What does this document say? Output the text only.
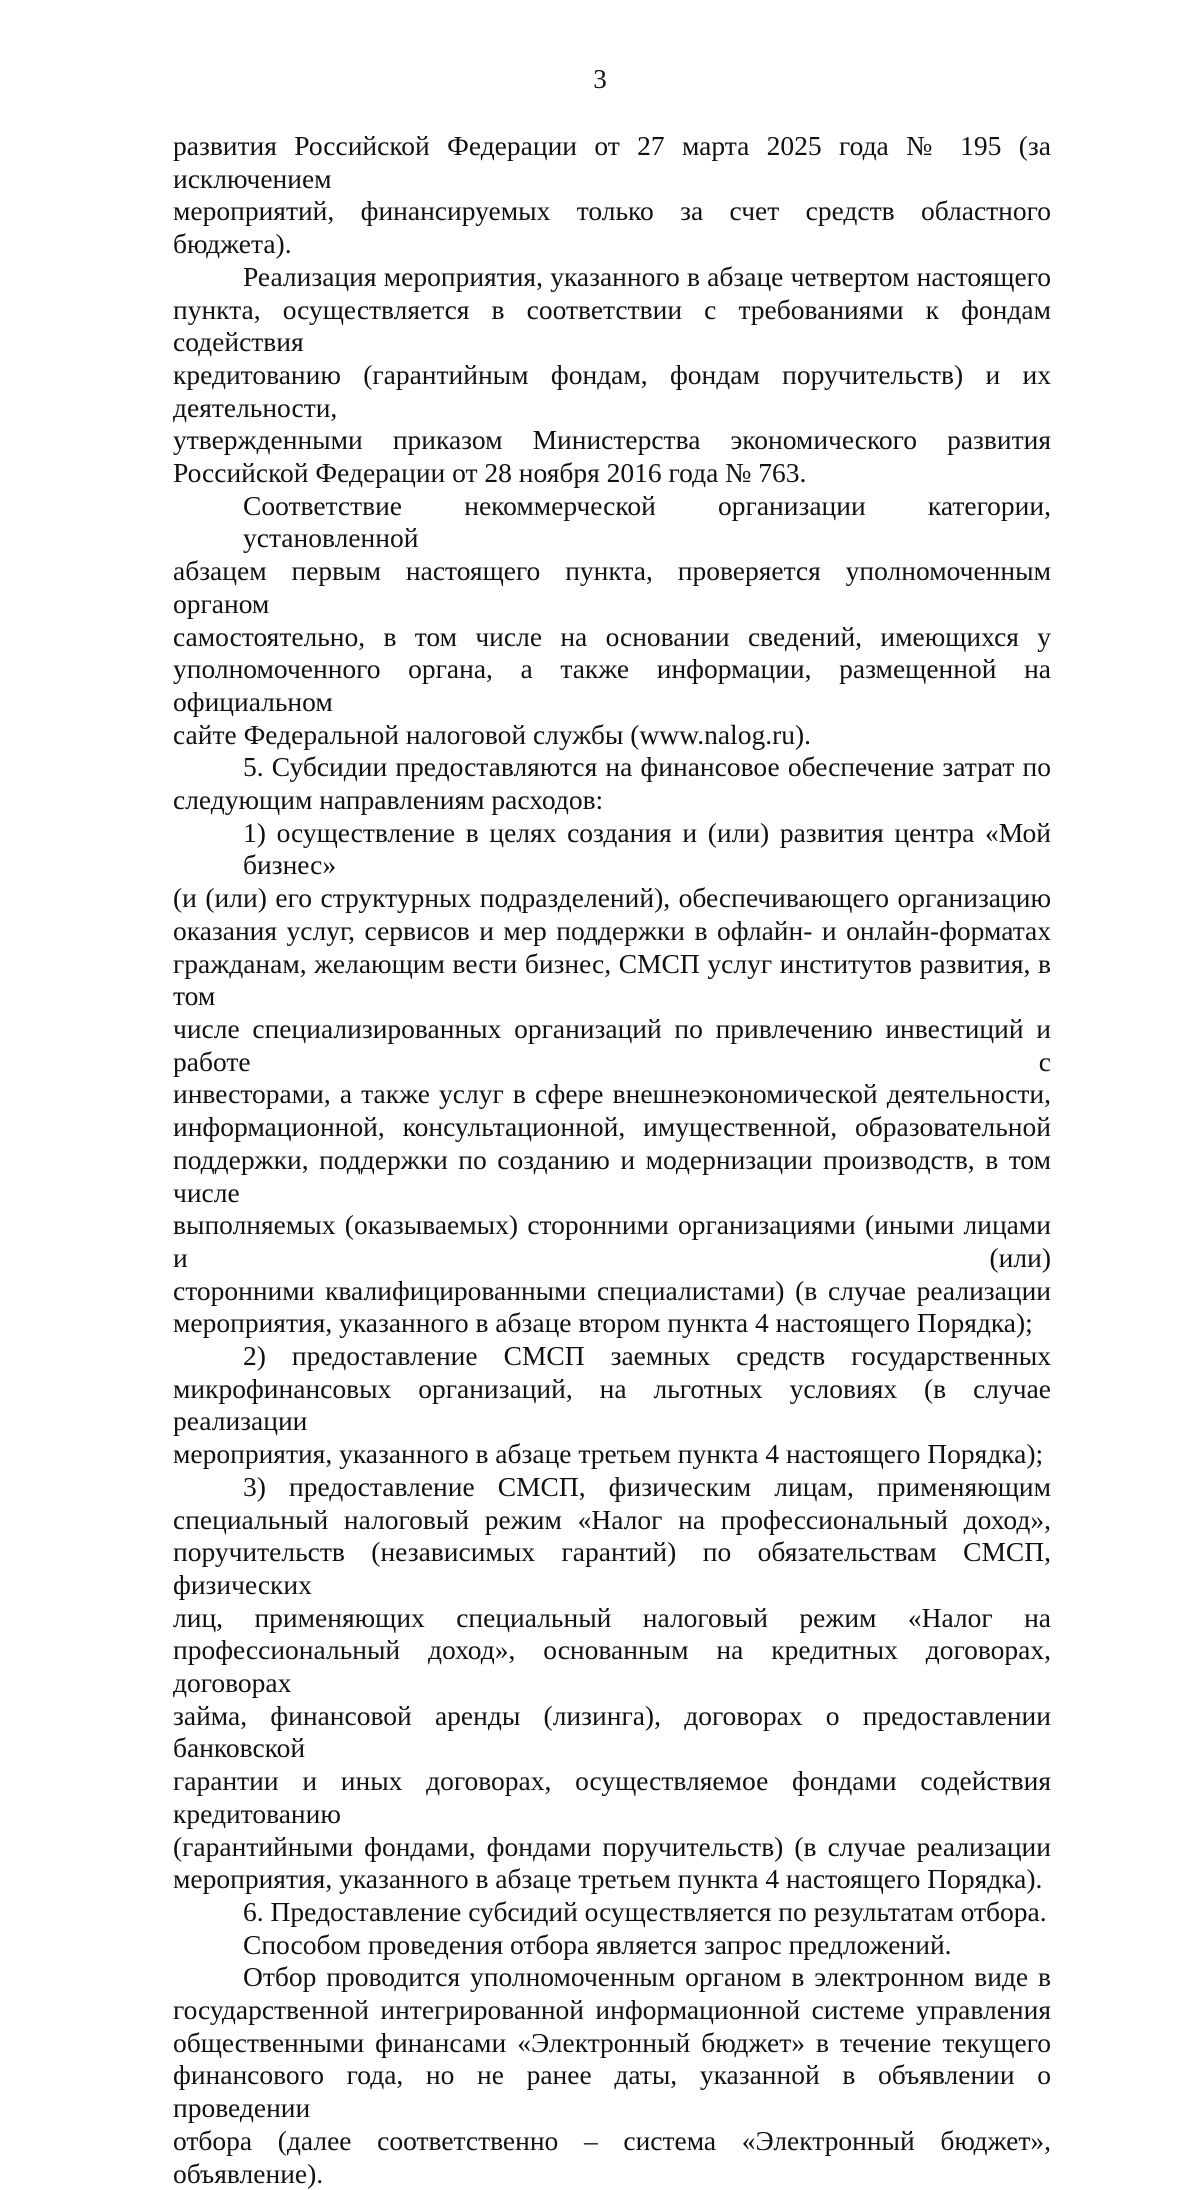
3
развития Российской Федерации от 27 марта 2025 года № 195 (за исключением
мероприятий, финансируемых только за счет средств областного бюджета).
Реализация мероприятия, указанного в абзаце четвертом настоящего
пункта, осуществляется в соответствии с требованиями к фондам содействия
кредитованию (гарантийным фондам, фондам поручительств) и их деятельности,
утвержденными приказом Министерства экономического развития
Российской Федерации от 28 ноября 2016 года № 763.
Соответствие некоммерческой организации категории, установленной
абзацем первым настоящего пункта, проверяется уполномоченным органом
самостоятельно, в том числе на основании сведений, имеющихся у
уполномоченного органа, а также информации, размещенной на официальном
сайте Федеральной налоговой службы (www.nalog.ru).
5. Субсидии предоставляются на финансовое обеспечение затрат по
следующим направлениям расходов:
1) осуществление в целях создания и (или) развития центра «Мой бизнес»
(и (или) его структурных подразделений), обеспечивающего организацию
оказания услуг, сервисов и мер поддержки в офлайн- и онлайн-форматах
гражданам, желающим вести бизнес, СМСП услуг институтов развития, в том
числе специализированных организаций по привлечению инвестиций и работе с
инвесторами, а также услуг в сфере внешнеэкономической деятельности,
информационной, консультационной, имущественной, образовательной
поддержки, поддержки по созданию и модернизации производств, в том числе
выполняемых (оказываемых) сторонними организациями (иными лицами и (или)
сторонними квалифицированными специалистами) (в случае реализации
мероприятия, указанного в абзаце втором пункта 4 настоящего Порядка);
2) предоставление СМСП заемных средств государственных
микрофинансовых организаций, на льготных условиях (в случае реализации
мероприятия, указанного в абзаце третьем пункта 4 настоящего Порядка);
3) предоставление СМСП, физическим лицам, применяющим
специальный налоговый режим «Налог на профессиональный доход»,
поручительств (независимых гарантий) по обязательствам СМСП, физических
лиц, применяющих специальный налоговый режим «Налог на
профессиональный доход», основанным на кредитных договорах, договорах
займа, финансовой аренды (лизинга), договорах о предоставлении банковской
гарантии и иных договорах, осуществляемое фондами содействия кредитованию
(гарантийными фондами, фондами поручительств) (в случае реализации
мероприятия, указанного в абзаце третьем пункта 4 настоящего Порядка).
6. Предоставление субсидий осуществляется по результатам отбора.
Способом проведения отбора является запрос предложений.
Отбор проводится уполномоченным органом в электронном виде в
государственной интегрированной информационной системе управления
общественными финансами «Электронный бюджет» в течение текущего
финансового года, но не ранее даты, указанной в объявлении о проведении
отбора (далее соответственно – система «Электронный бюджет», объявление).
